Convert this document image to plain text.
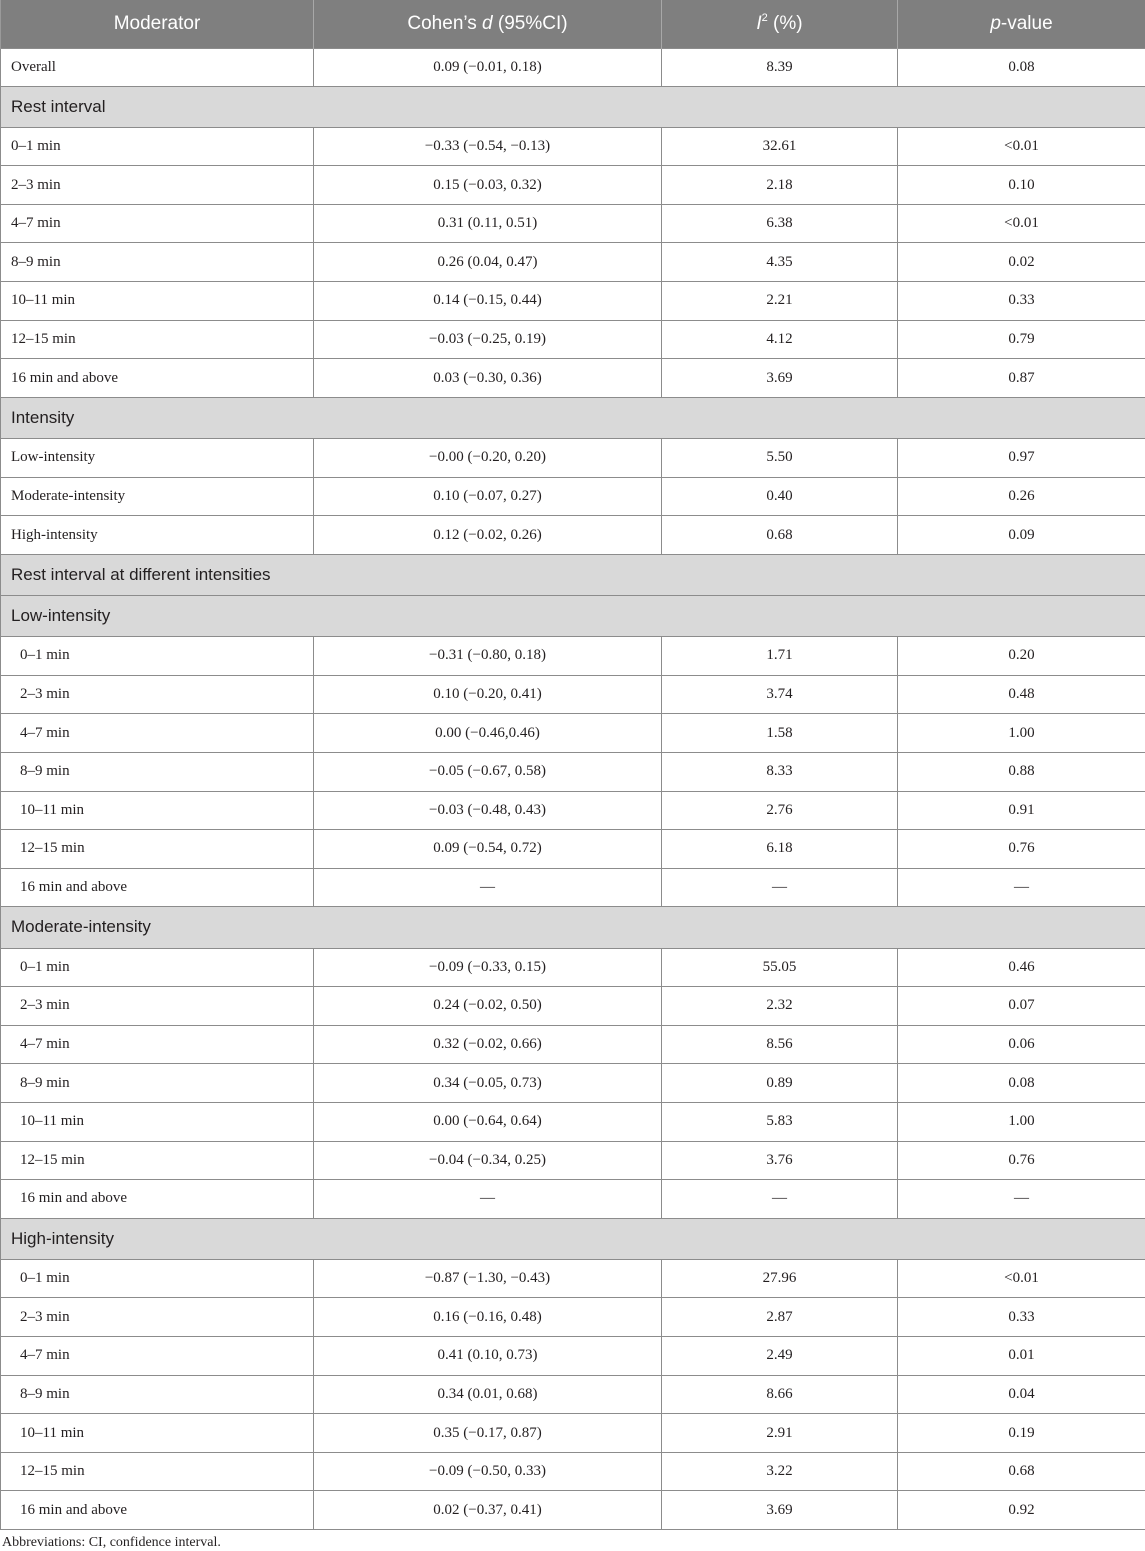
Moderator	Cohen’s d (95%CI)	$I^2$ (%)	p-value
Overall	0.09 (−0.01, 0.18)	8.39	0.08
Rest interval			
0–1 min	−0.33 (−0.54, −0.13)	32.61	<0.01
2–3 min	0.15 (−0.03, 0.32)	2.18	0.10
4–7 min	0.31 (0.11, 0.51)	6.38	<0.01
8–9 min	0.26 (0.04, 0.47)	4.35	0.02
10–11 min	0.14 (−0.15, 0.44)	2.21	0.33
12–15 min	−0.03 (−0.25, 0.19)	4.12	0.79
16 min and above	0.03 (−0.30, 0.36)	3.69	0.87
Intensity			
Low-intensity	−0.00 (−0.20, 0.20)	5.50	0.97
Moderate-intensity	0.10 (−0.07, 0.27)	0.40	0.26
High-intensity	0.12 (−0.02, 0.26)	0.68	0.09
Rest interval at different intensities			
Low-intensity			
0–1 min	−0.31 (−0.80, 0.18)	1.71	0.20
2–3 min	0.10 (−0.20, 0.41)	3.74	0.48
4–7 min	0.00 (−0.46,0.46)	1.58	1.00
8–9 min	−0.05 (−0.67, 0.58)	8.33	0.88
10–11 min	−0.03 (−0.48, 0.43)	2.76	0.91
12–15 min	0.09 (−0.54, 0.72)	6.18	0.76
16 min and above	—	—	—
Moderate-intensity			
0–1 min	−0.09 (−0.33, 0.15)	55.05	0.46
2–3 min	0.24 (−0.02, 0.50)	2.32	0.07
4–7 min	0.32 (−0.02, 0.66)	8.56	0.06
8–9 min	0.34 (−0.05, 0.73)	0.89	0.08
10–11 min	0.00 (−0.64, 0.64)	5.83	1.00
12–15 min	−0.04 (−0.34, 0.25)	3.76	0.76
16 min and above	—	—	—
High-intensity			
0–1 min	−0.87 (−1.30, −0.43)	27.96	<0.01
2–3 min	0.16 (−0.16, 0.48)	2.87	0.33
4–7 min	0.41 (0.10, 0.73)	2.49	0.01
8–9 min	0.34 (0.01, 0.68)	8.66	0.04
10–11 min	0.35 (−0.17, 0.87)	2.91	0.19
12–15 min	−0.09 (−0.50, 0.33)	3.22	0.68
16 min and above	0.02 (−0.37, 0.41)	3.69	0.92
Abbreviations: CI, confidence interval.
